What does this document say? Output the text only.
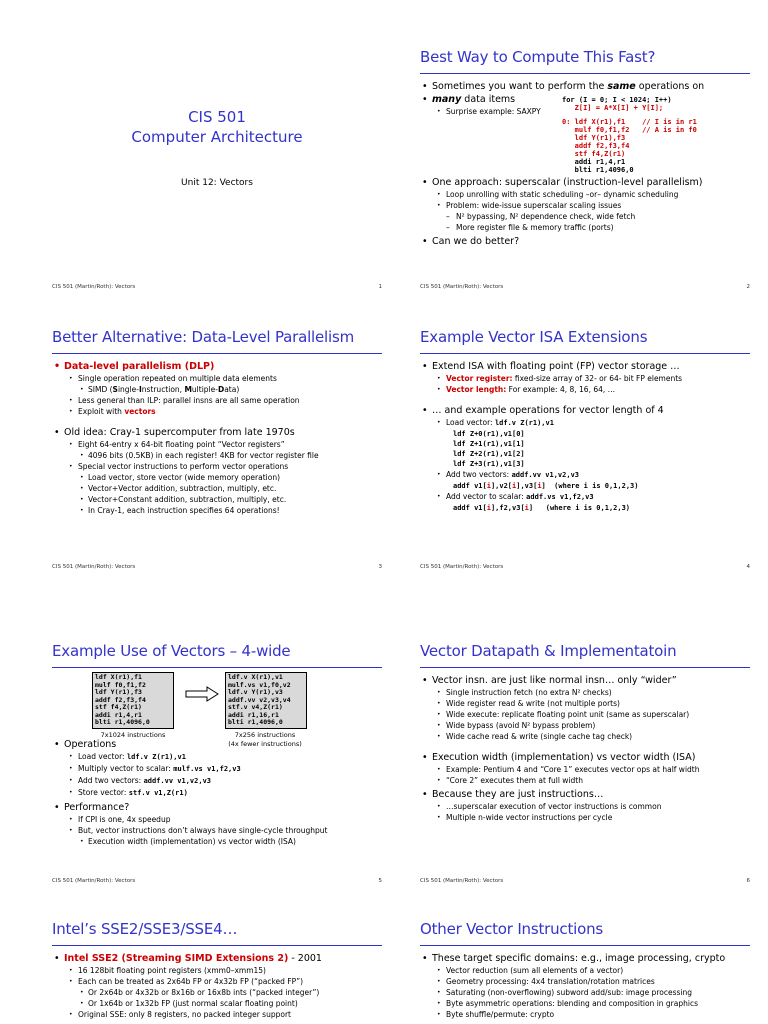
CIS 501
Computer Architecture
Unit 12: Vectors
CIS 501 (Martin/Roth): Vectors	1
Best Way to Compute This Fast?
• Sometimes you want to perform the same operations on
• many data items

• Surprise example: SAXPY
for (I = 0; I < 1024; I++)
Z[I] = A*X[I] + Y[I];
0: ldf X(r1),f1    // I is in r1
mulf f0,f1,f2   // A is in f0
ldf Y(r1),f3
addf f2,f3,f4
stf f4,Z(r1)
addi r1,4,r1
blti r1,4096,0
• One approach: superscalar (instruction-level parallelism)
• Loop unrolling with static scheduling –or– dynamic scheduling
• Problem: wide-issue superscalar scaling issues
– N² bypassing, N² dependence check, wide fetch
– More register file & memory traffic (ports)
• Can we do better?
CIS 501 (Martin/Roth): Vectors	2
Better Alternative: Data-Level Parallelism
• Data-level parallelism (DLP)
• Single operation repeated on multiple data elements
• SIMD (Single-Instruction, Multiple-Data)
• Less general than ILP: parallel insns are all same operation
• Exploit with vectors
• Old idea: Cray-1 supercomputer from late 1970s
• Eight 64-entry x 64-bit floating point “Vector registers”
• 4096 bits (0.5KB) in each register! 4KB for vector register file
• Special vector instructions to perform vector operations
• Load vector, store vector (wide memory operation)
• Vector+Vector addition, subtraction, multiply, etc.
• Vector+Constant addition, subtraction, multiply, etc.
• In Cray-1, each instruction specifies 64 operations!
CIS 501 (Martin/Roth): Vectors	3
Example Vector ISA Extensions
• Extend ISA with floating point (FP) vector storage …
• Vector register: fixed-size array of 32- or 64- bit FP elements
• Vector length: For example: 4, 8, 16, 64, …
• … and example operations for vector length of 4
• Load vector: ldf.v Z(r1),v1
ldf Z+0(r1),v1[0]
ldf Z+1(r1),v1[1]
ldf Z+2(r1),v1[2]
ldf Z+3(r1),v1[3]
• Add two vectors: addf.vv v1,v2,v3
addf v1[i],v2[i],v3[i]  (where i is 0,1,2,3)
• Add vector to scalar: addf.vs v1,f2,v3
addf v1[i],f2,v3[i]   (where i is 0,1,2,3)
CIS 501 (Martin/Roth): Vectors	4
Example Use of Vectors – 4-wide
ldf X(r1),f1
mulf f0,f1,f2
ldf Y(r1),f3
addf f2,f3,f4
stf f4,Z(r1)
addi r1,4,r1
blti r1,4096,0
ldf.v X(r1),v1
mulf.vs v1,f0,v2
ldf.v Y(r1),v3
addf.vv v2,v3,v4
stf.v v4,Z(r1)
addi r1,16,r1
blti r1,4096,0
7x1024 instructions	7x256 instructions
(4x fewer instructions)
• Operations
• Load vector: ldf.v Z(r1),v1
• Multiply vector to scalar: mulf.vs v1,f2,v3
• Add two vectors: addf.vv v1,v2,v3
• Store vector: stf.v v1,Z(r1)
• Performance?
• If CPI is one, 4x speedup
• But, vector instructions don’t always have single-cycle throughput
• Execution width (implementation) vs vector width (ISA)
CIS 501 (Martin/Roth): Vectors	5
Vector Datapath & Implementatoin
• Vector insn. are just like normal insn… only “wider”
• Single instruction fetch (no extra N² checks)
• Wide register read & write (not multiple ports)
• Wide execute: replicate floating point unit (same as superscalar)
• Wide bypass (avoid N² bypass problem)
• Wide cache read & write (single cache tag check)
• Execution width (implementation) vs vector width (ISA)
• Example: Pentium 4 and “Core 1” executes vector ops at half width
• “Core 2” executes them at full width
• Because they are just instructions…
• …superscalar execution of vector instructions is common
• Multiple n-wide vector instructions per cycle
CIS 501 (Martin/Roth): Vectors	6
Intel’s SSE2/SSE3/SSE4…
• Intel SSE2 (Streaming SIMD Extensions 2) - 2001
• 16 128bit floating point registers (xmm0–xmm15)
• Each can be treated as 2x64b FP or 4x32b FP (“packed FP”)
• Or 2x64b or 4x32b or 8x16b or 16x8b ints (“packed integer”)
• Or 1x64b or 1x32b FP (just normal scalar floating point)
• Original SSE: only 8 registers, no packed integer support
Other Vector Instructions
• These target specific domains: e.g., image processing, crypto
• Vector reduction (sum all elements of a vector)
• Geometry processing: 4x4 translation/rotation matrices
• Saturating (non-overflowing) subword add/sub: image processing
• Byte asymmetric operations: blending and composition in graphics
• Byte shuffle/permute: crypto
